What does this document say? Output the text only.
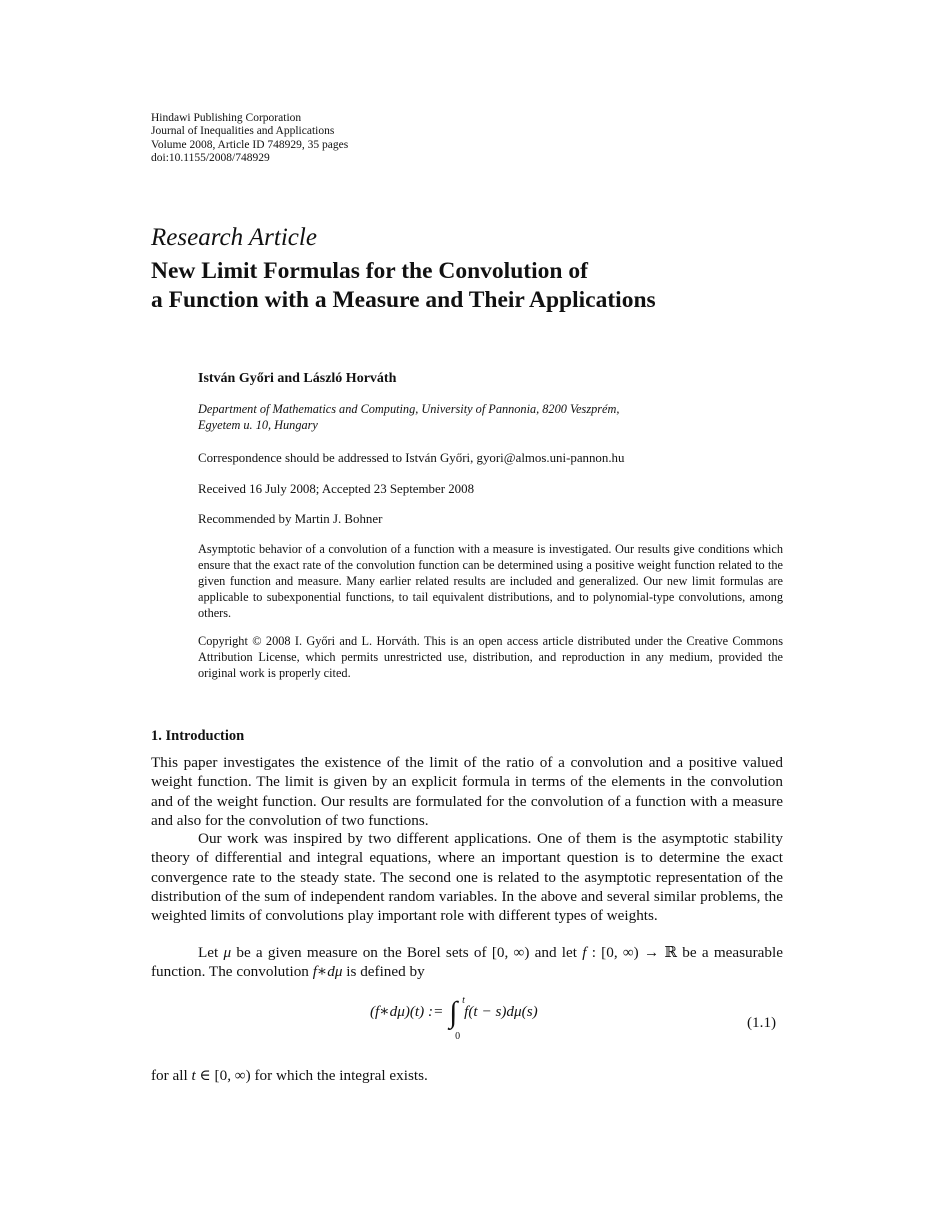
Hindawi Publishing Corporation
Journal of Inequalities and Applications
Volume 2008, Article ID 748929, 35 pages
doi:10.1155/2008/748929
Research Article
New Limit Formulas for the Convolution of
a Function with a Measure and Their Applications
István Győri and László Horváth
Department of Mathematics and Computing, University of Pannonia, 8200 Veszprém,
Egyetem u. 10, Hungary
Correspondence should be addressed to István Győri, gyori@almos.uni-pannon.hu
Received 16 July 2008; Accepted 23 September 2008
Recommended by Martin J. Bohner
Asymptotic behavior of a convolution of a function with a measure is investigated. Our results give conditions which ensure that the exact rate of the convolution function can be determined using a positive weight function related to the given function and measure. Many earlier related results are included and generalized. Our new limit formulas are applicable to subexponential functions, to tail equivalent distributions, and to polynomial-type convolutions, among others.
Copyright © 2008 I. Győri and L. Horváth. This is an open access article distributed under the Creative Commons Attribution License, which permits unrestricted use, distribution, and reproduction in any medium, provided the original work is properly cited.
1. Introduction
This paper investigates the existence of the limit of the ratio of a convolution and a positive valued weight function. The limit is given by an explicit formula in terms of the elements in the convolution and of the weight function. Our results are formulated for the convolution of a function with a measure and also for the convolution of two functions.
Our work was inspired by two different applications. One of them is the asymptotic stability theory of differential and integral equations, where an important question is to determine the exact convergence rate to the steady state. The second one is related to the asymptotic representation of the distribution of the sum of independent random variables. In the above and several similar problems, the weighted limits of convolutions play important role with different types of weights.
Let μ be a given measure on the Borel sets of [0, ∞) and let f : [0, ∞) → ℝ be a measurable function. The convolution f∗dμ is defined by
(f∗dμ)(t) := ∫ t
0
f(t − s)dμ(s)
(1.1)
for all t ∈ [0, ∞) for which the integral exists.
